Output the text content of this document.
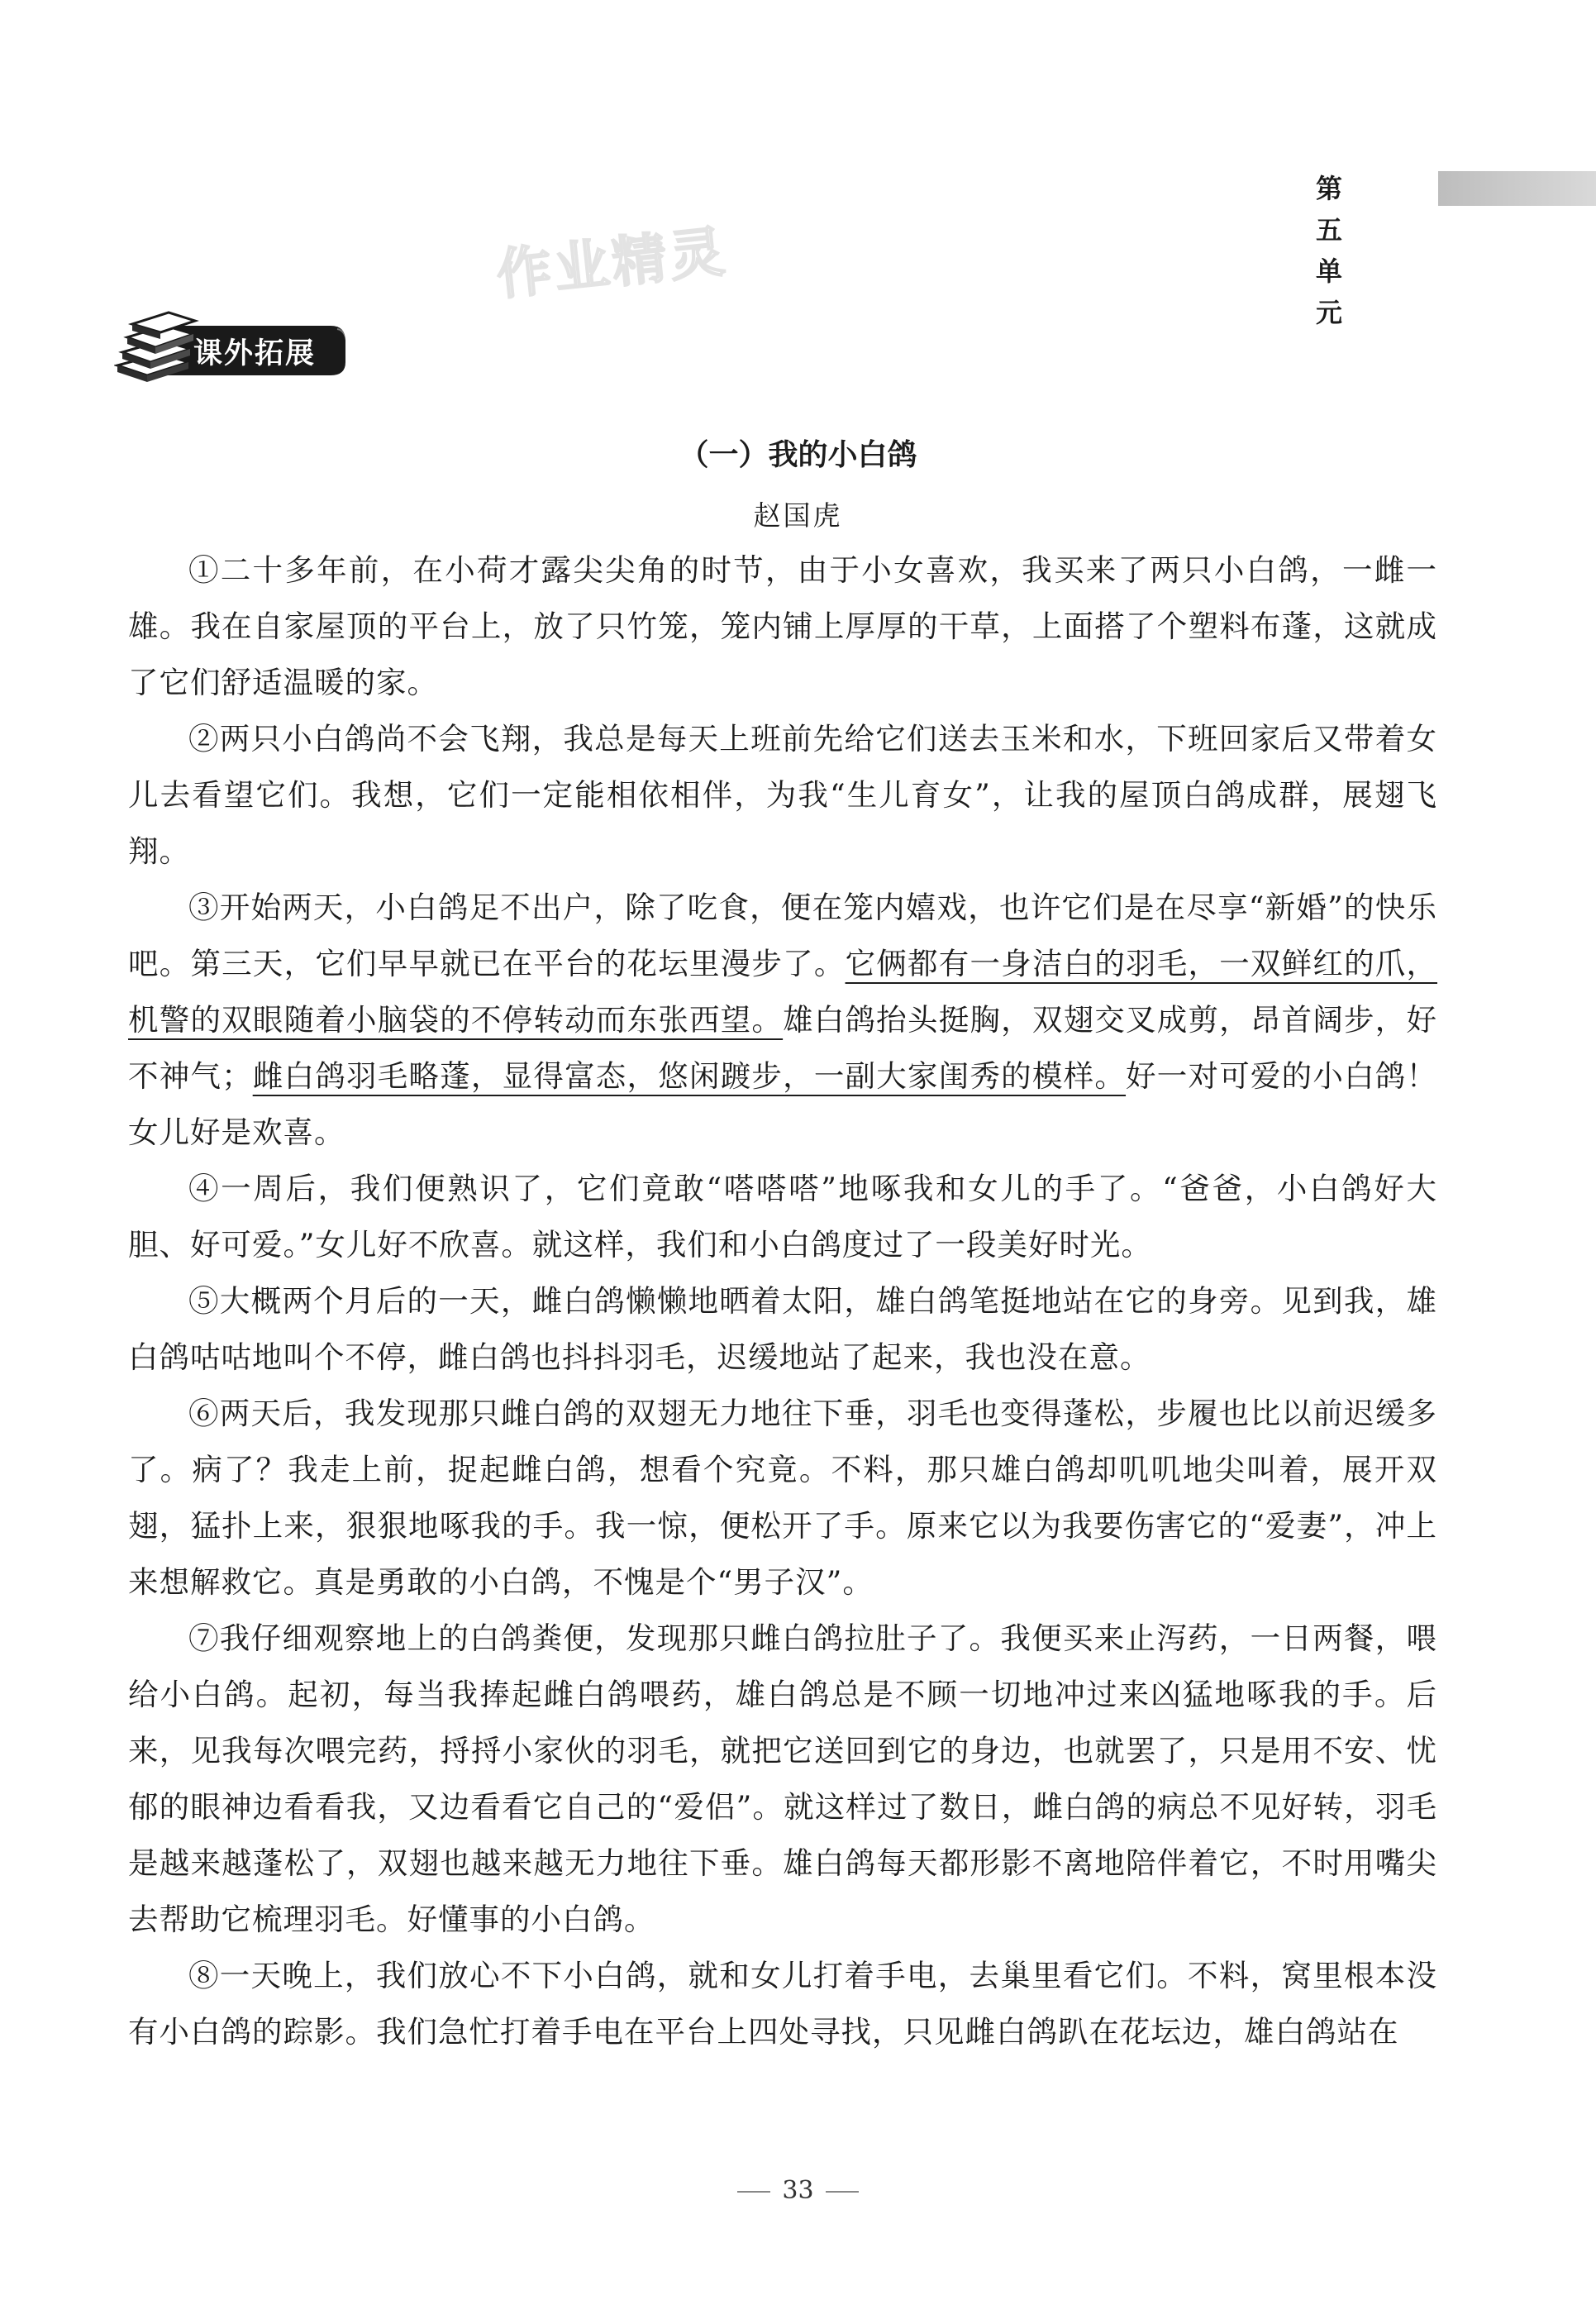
第五单元
作业精灵
课外拓展
（一）我的小白鸽
赵国虎

①二十多年前，在小荷才露尖尖角的时节，由于小女喜欢，我买来了两只小白鸽，一雌一雄。我在自家屋顶的平台上，放了只竹笼，笼内铺上厚厚的干草，上面搭了个塑料布蓬，这就成了它们舒适温暖的家。

②两只小白鸽尚不会飞翔，我总是每天上班前先给它们送去玉米和水，下班回家后又带着女儿去看望它们。我想，它们一定能相依相伴，为我“生儿育女”，让我的屋顶白鸽成群，展翅飞翔。

③开始两天，小白鸽足不出户，除了吃食，便在笼内嬉戏，也许它们是在尽享“新婚”的快乐吧。第三天，它们早早就已在平台的花坛里漫步了。它俩都有一身洁白的羽毛，一双鲜红的爪，机警的双眼随着小脑袋的不停转动而东张西望。雄白鸽抬头挺胸，双翅交叉成剪，昂首阔步，好不神气；雌白鸽羽毛略蓬，显得富态，悠闲踱步，一副大家闺秀的模样。好一对可爱的小白鸽！女儿好是欢喜。

④一周后，我们便熟识了，它们竟敢“嗒嗒嗒”地啄我和女儿的手了。“爸爸，小白鸽好大胆、好可爱。”女儿好不欣喜。就这样，我们和小白鸽度过了一段美好时光。

⑤大概两个月后的一天，雌白鸽懒懒地晒着太阳，雄白鸽笔挺地站在它的身旁。见到我，雄白鸽咕咕地叫个不停，雌白鸽也抖抖羽毛，迟缓地站了起来，我也没在意。

⑥两天后，我发现那只雌白鸽的双翅无力地往下垂，羽毛也变得蓬松，步履也比以前迟缓多了。病了？我走上前，捉起雌白鸽，想看个究竟。不料，那只雄白鸽却叽叽地尖叫着，展开双翅，猛扑上来，狠狠地啄我的手。我一惊，便松开了手。原来它以为我要伤害它的“爱妻”，冲上来想解救它。真是勇敢的小白鸽，不愧是个“男子汉”。

⑦我仔细观察地上的白鸽粪便，发现那只雌白鸽拉肚子了。我便买来止泻药，一日两餐，喂给小白鸽。起初，每当我捧起雌白鸽喂药，雄白鸽总是不顾一切地冲过来凶猛地啄我的手。后来，见我每次喂完药，捋捋小家伙的羽毛，就把它送回到它的身边，也就罢了，只是用不安、忧郁的眼神边看看我，又边看看它自己的“爱侣”。就这样过了数日，雌白鸽的病总不见好转，羽毛是越来越蓬松了，双翅也越来越无力地往下垂。雄白鸽每天都形影不离地陪伴着它，不时用嘴尖去帮助它梳理羽毛。好懂事的小白鸽。

⑧一天晚上，我们放心不下小白鸽，就和女儿打着手电，去巢里看它们。不料，窝里根本没有小白鸽的踪影。我们急忙打着手电在平台上四处寻找，只见雌白鸽趴在花坛边，雄白鸽站在

33
